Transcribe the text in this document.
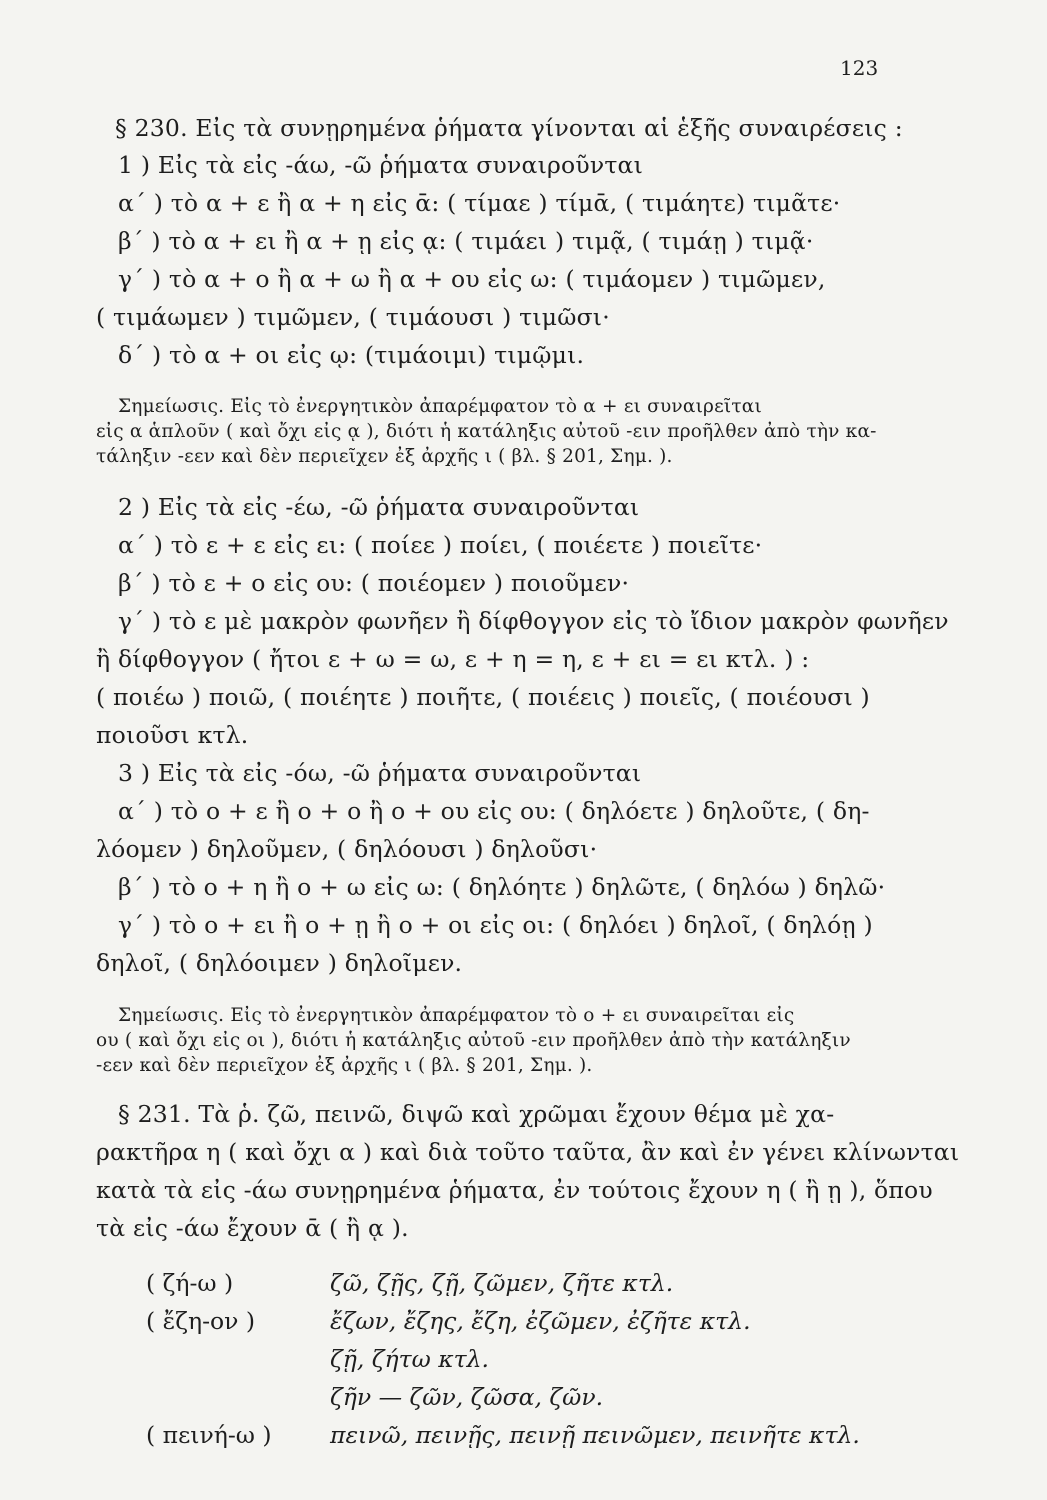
123

§ 230. Εἰς τὰ συνῃρημένα ῥήματα γίνονται αἱ ἑξῆς συναιρέσεις :

1 ) Εἰς τὰ εἰς -άω, -ῶ ῥήματα συναιροῦνται

α΄ ) τὸ α + ε ἢ α + η εἰς ᾱ: ( τίμαε ) τίμᾱ, ( τιμάητε) τιμᾶτε·

β΄ ) τὸ α + ει ἢ α + ῃ εἰς ᾳ: ( τιμάει ) τιμᾷ, ( τιμάῃ ) τιμᾷ·

γ΄ ) τὸ α + ο ἢ α + ω ἢ α + ου εἰς ω: ( τιμάομεν ) τιμῶμεν,

( τιμάωμεν ) τιμῶμεν, ( τιμάουσι ) τιμῶσι·

δ΄ ) τὸ α + οι εἰς ῳ: (τιμάοιμι) τιμῷμι.

Σημείωσις. Εἰς τὸ ἐνεργητικὸν ἀπαρέμφατον τὸ α + ει συναιρεῖται

εἰς α ἁπλοῦν ( καὶ ὄχι εἰς ᾳ ), διότι ἡ κατάληξις αὐτοῦ -ειν προῆλθεν ἀπὸ τὴν κα-

τάληξιν -εεν καὶ δὲν περιεῖχεν ἐξ ἀρχῆς ι ( βλ. § 201, Σημ. ).

2 ) Εἰς τὰ εἰς -έω, -ῶ ῥήματα συναιροῦνται

α΄ ) τὸ ε + ε εἰς ει: ( ποίεε ) ποίει, ( ποιέετε ) ποιεῖτε·

β΄ ) τὸ ε + ο εἰς ου: ( ποιέομεν ) ποιοῦμεν·

γ΄ ) τὸ ε μὲ μακρὸν φωνῆεν ἢ δίφθογγον εἰς τὸ ἴδιον μακρὸν φωνῆεν

ἢ δίφθογγον ( ἤτοι ε + ω = ω, ε + η = η, ε + ει = ει κτλ. ) :

( ποιέω ) ποιῶ, ( ποιέητε ) ποιῆτε, ( ποιέεις ) ποιεῖς, ( ποιέουσι )

ποιοῦσι κτλ.

3 ) Εἰς τὰ εἰς -όω, -ῶ ῥήματα συναιροῦνται

α΄ ) τὸ ο + ε ἢ ο + ο ἢ ο + ου εἰς ου: ( δηλόετε ) δηλοῦτε, ( δη-

λόομεν ) δηλοῦμεν, ( δηλόουσι ) δηλοῦσι·

β΄ ) τὸ ο + η ἢ ο + ω εἰς ω: ( δηλόητε ) δηλῶτε, ( δηλόω ) δηλῶ·

γ΄ ) τὸ ο + ει ἢ ο + ῃ ἢ ο + οι εἰς οι: ( δηλόει ) δηλοῖ, ( δηλόῃ )

δηλοῖ, ( δηλόοιμεν ) δηλοῖμεν.

Σημείωσις. Εἰς τὸ ἐνεργητικὸν ἀπαρέμφατον τὸ ο + ει συναιρεῖται εἰς

ου ( καὶ ὄχι εἰς οι ), διότι ἡ κατάληξις αὐτοῦ -ειν προῆλθεν ἀπὸ τὴν κατάληξιν

-εεν καὶ δὲν περιεῖχον ἐξ ἀρχῆς ι ( βλ. § 201, Σημ. ).

§ 231. Τὰ ῥ. ζῶ, πεινῶ, διψῶ καὶ χρῶμαι ἔχουν θέμα μὲ χα-

ρακτῆρα η ( καὶ ὄχι α ) καὶ διὰ τοῦτο ταῦτα, ἂν καὶ ἐν γένει κλίνωνται

κατὰ τὰ εἰς -άω συνῃρημένα ῥήματα, ἐν τούτοις ἔχουν η ( ἢ ῃ ), ὅπου

τὰ εἰς -άω ἔχουν ᾱ ( ἢ ᾳ ).

( ζή-ω )	ζῶ, ζῇς, ζῇ, ζῶμεν, ζῆτε κτλ.
( ἔζη-ον )	ἔζων, ἔζης, ἔζη, ἐζῶμεν, ἐζῆτε κτλ.
ζῇ, ζήτω κτλ.
ζῆν — ζῶν, ζῶσα, ζῶν.
( πεινή-ω ) πεινῶ, πεινῇς, πεινῇ πεινῶμεν, πεινῆτε κτλ.
